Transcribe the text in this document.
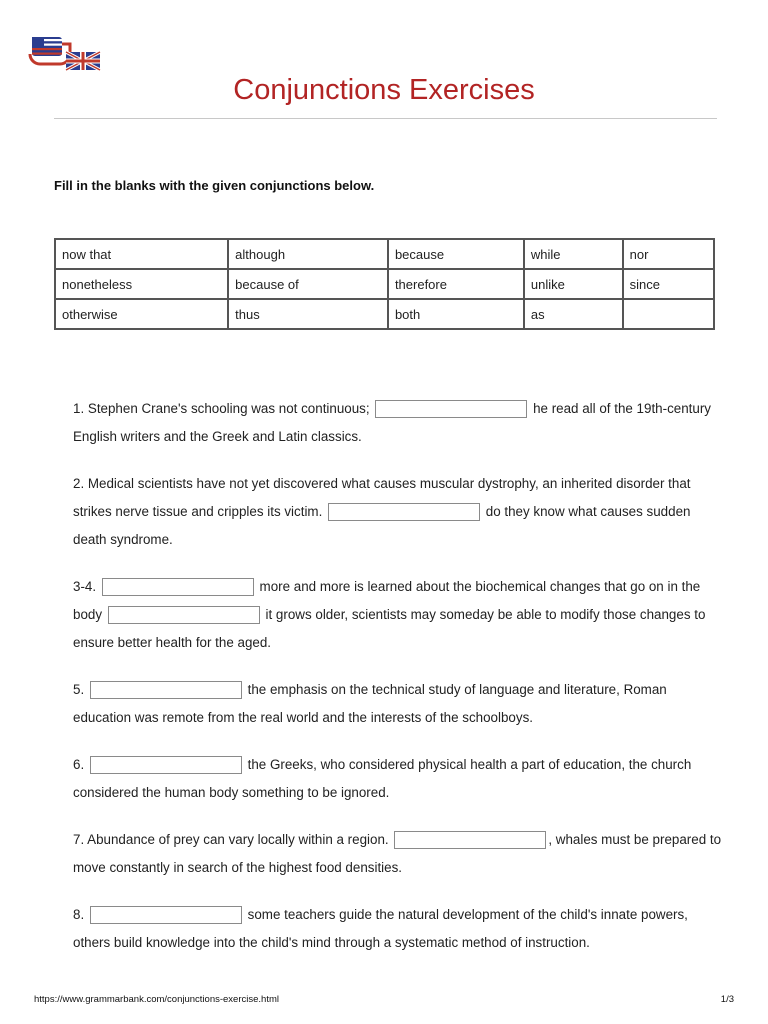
Conjunctions Exercises
Fill in the blanks with the given conjunctions below.
now that	although	because	while	nor
nonetheless	because of	therefore	unlike	since
otherwise	thus	both	as	

1. Stephen Crane's schooling was not continuous;	he read all of the 19th-century English writers and the Greek and Latin classics.

2. Medical scientists have not yet discovered what causes muscular dystrophy, an inherited disorder that strikes nerve tissue and cripples its victim.	do they know what causes sudden death syndrome.

3-4.	more and more is learned about the biochemical changes that go on in the body	it grows older, scientists may someday be able to modify those changes to ensure better health for the aged.

5.	the emphasis on the technical study of language and literature, Roman education was remote from the real world and the interests of the schoolboys.

6.	the Greeks, who considered physical health a part of education, the church considered the human body something to be ignored.

7. Abundance of prey can vary locally within a region.	, whales must be prepared to move constantly in search of the highest food densities.

8.	some teachers guide the natural development of the child's innate powers, others build knowledge into the child's mind through a systematic method of instruction.

https://www.grammarbank.com/conjunctions-exercise.html	1/3
